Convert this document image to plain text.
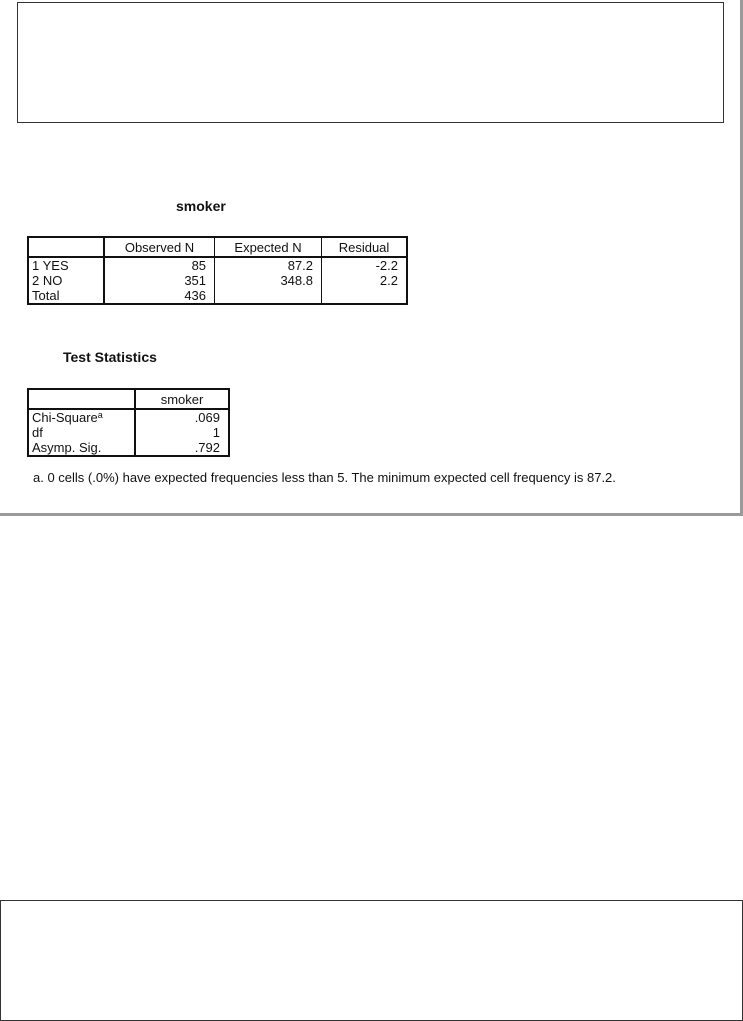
smoker
	Observed N	Expected N	Residual
1 YES	85	87.2	-2.2
2 NO	351	348.8	2.2
Total	436		
Test Statistics
	smoker
Chi-Square$^a$	.069
df	1
Asymp. Sig.	.792
a. 0 cells (.0%) have expected frequencies less than 5. The minimum expected cell frequency is 87.2.
